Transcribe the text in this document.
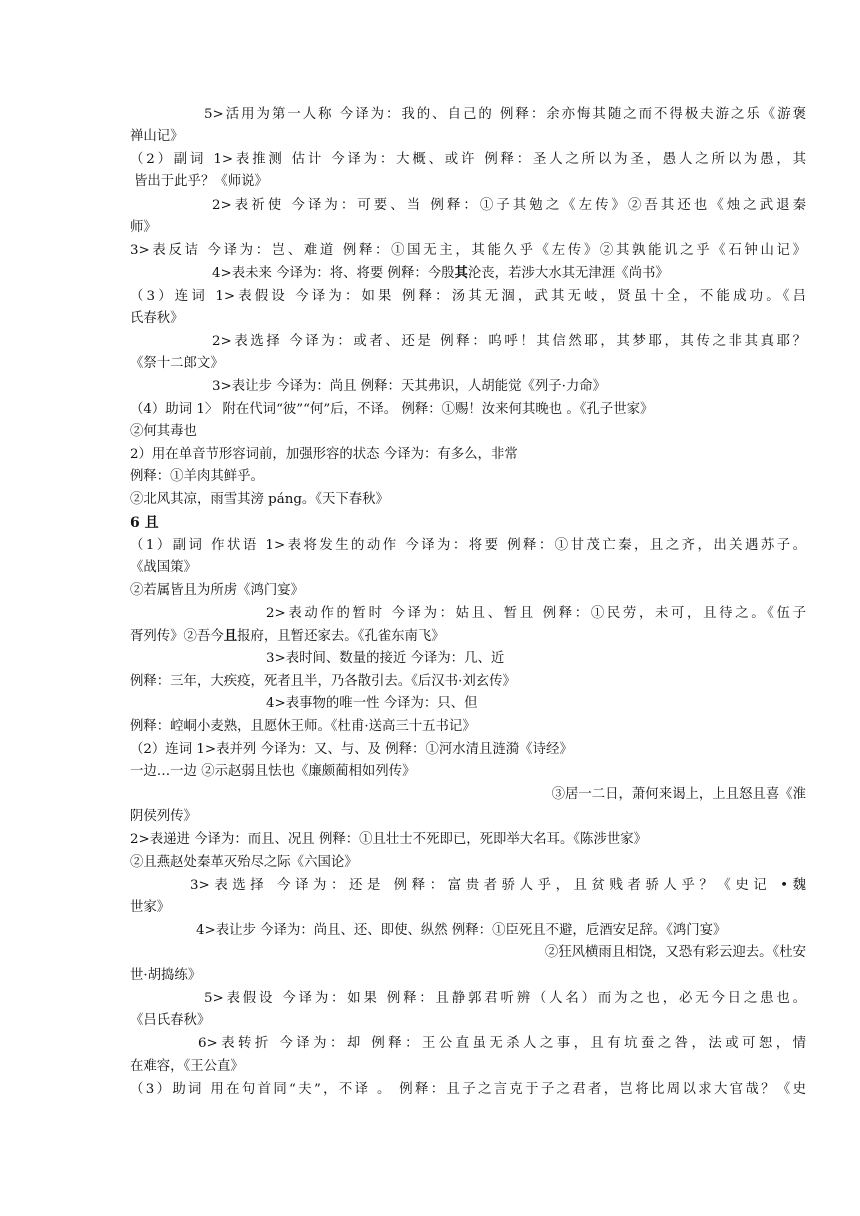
5>活用为第一人称 今译为：我的、自己的 例释：余亦悔其随之而不得极夫游之乐《游褒
禅山记》
（2）副词 1>表推测 估计 今译为：大概、或许 例释：圣人之所以为圣，愚人之所以为愚，其
皆出于此乎？《师说》
2>表祈使 今译为：可要、当 例释：①子其勉之《左传》②吾其还也《烛之武退秦
师》
3>表反诘 今译为：岂、难道 例释：①国无主，其能久乎《左传》②其孰能讥之乎《石钟山记》
4>表未来 今译为：将、将要 例释：今殷其沦丧，若涉大水其无津涯《尚书》
（3）连词 1>表假设 今译为：如果 例释：汤其无涸，武其无岐，贤虽十全，不能成功。《吕
氏春秋》
2>表选择 今译为：或者、还是 例释：呜呼！其信然耶，其梦耶，其传之非其真耶？
《祭十二郎文》
3>表让步 今译为：尚且 例释：天其弗识，人胡能觉《列子·力命》
（4）助词 1〉 附在代词“彼”“何”后，不译。 例释：①赐！汝来何其晚也 。《孔子世家》
②何其毒也
2）用在单音节形容词前，加强形容的状态 今译为：有多么，非常
例释：①羊肉其鲜乎。
②北风其凉，雨雪其滂 páng。《天下春秋》
6 且
（1）副词 作状语 1>表将发生的动作 今译为：将要 例释：①甘茂亡秦，且之齐，出关遇苏子。
《战国策》
②若属皆且为所虏《鸿门宴》
2>表动作的暂时 今译为：姑且、暂且 例释：①民劳，未可，且待之。《伍子
胥列传》②吾今且报府，且暂还家去。《孔雀东南飞》
3>表时间、数量的接近 今译为：几、近
例释：三年，大疾疫，死者且半，乃各散引去。《后汉书·刘玄传》
4>表事物的唯一性 今译为：只、但
例释：崆峒小麦熟，且愿休王师。《杜甫·送高三十五书记》
（2）连词 1>表并列 今译为：又、与、及 例释：①河水清且涟漪《诗经》
一边…一边 ②示赵弱且怯也《廉颇蔺相如列传》
③居一二日，萧何来谒上，上且怒且喜《淮
阴侯列传》
2>表递进 今译为：而且、况且 例释：①且壮士不死即已，死即举大名耳。《陈涉世家》
②且燕赵处秦革灭殆尽之际《六国论》
3>表选择 今译为：还是 例释：富贵者骄人乎，且贫贱者骄人乎？《史记 •魏
世家》
4>表让步 今译为：尚且、还、即使、纵然 例释：①臣死且不避，卮酒安足辞。《鸿门宴》
②狂风横雨且相饶，又恐有彩云迎去。《杜安
世·胡捣练》
5>表假设 今译为：如果 例释：且静郭君听辨（人名）而为之也，必无今日之患也。
《吕氏春秋》
6>表转折 今译为：却 例释：王公直虽无杀人之事，且有坑蚕之咎，法或可恕，情
在难容，《王公直》
（3）助词 用在句首同“夫”，不译 。 例释：且子之言克于子之君者，岂将比周以求大官哉？《史
